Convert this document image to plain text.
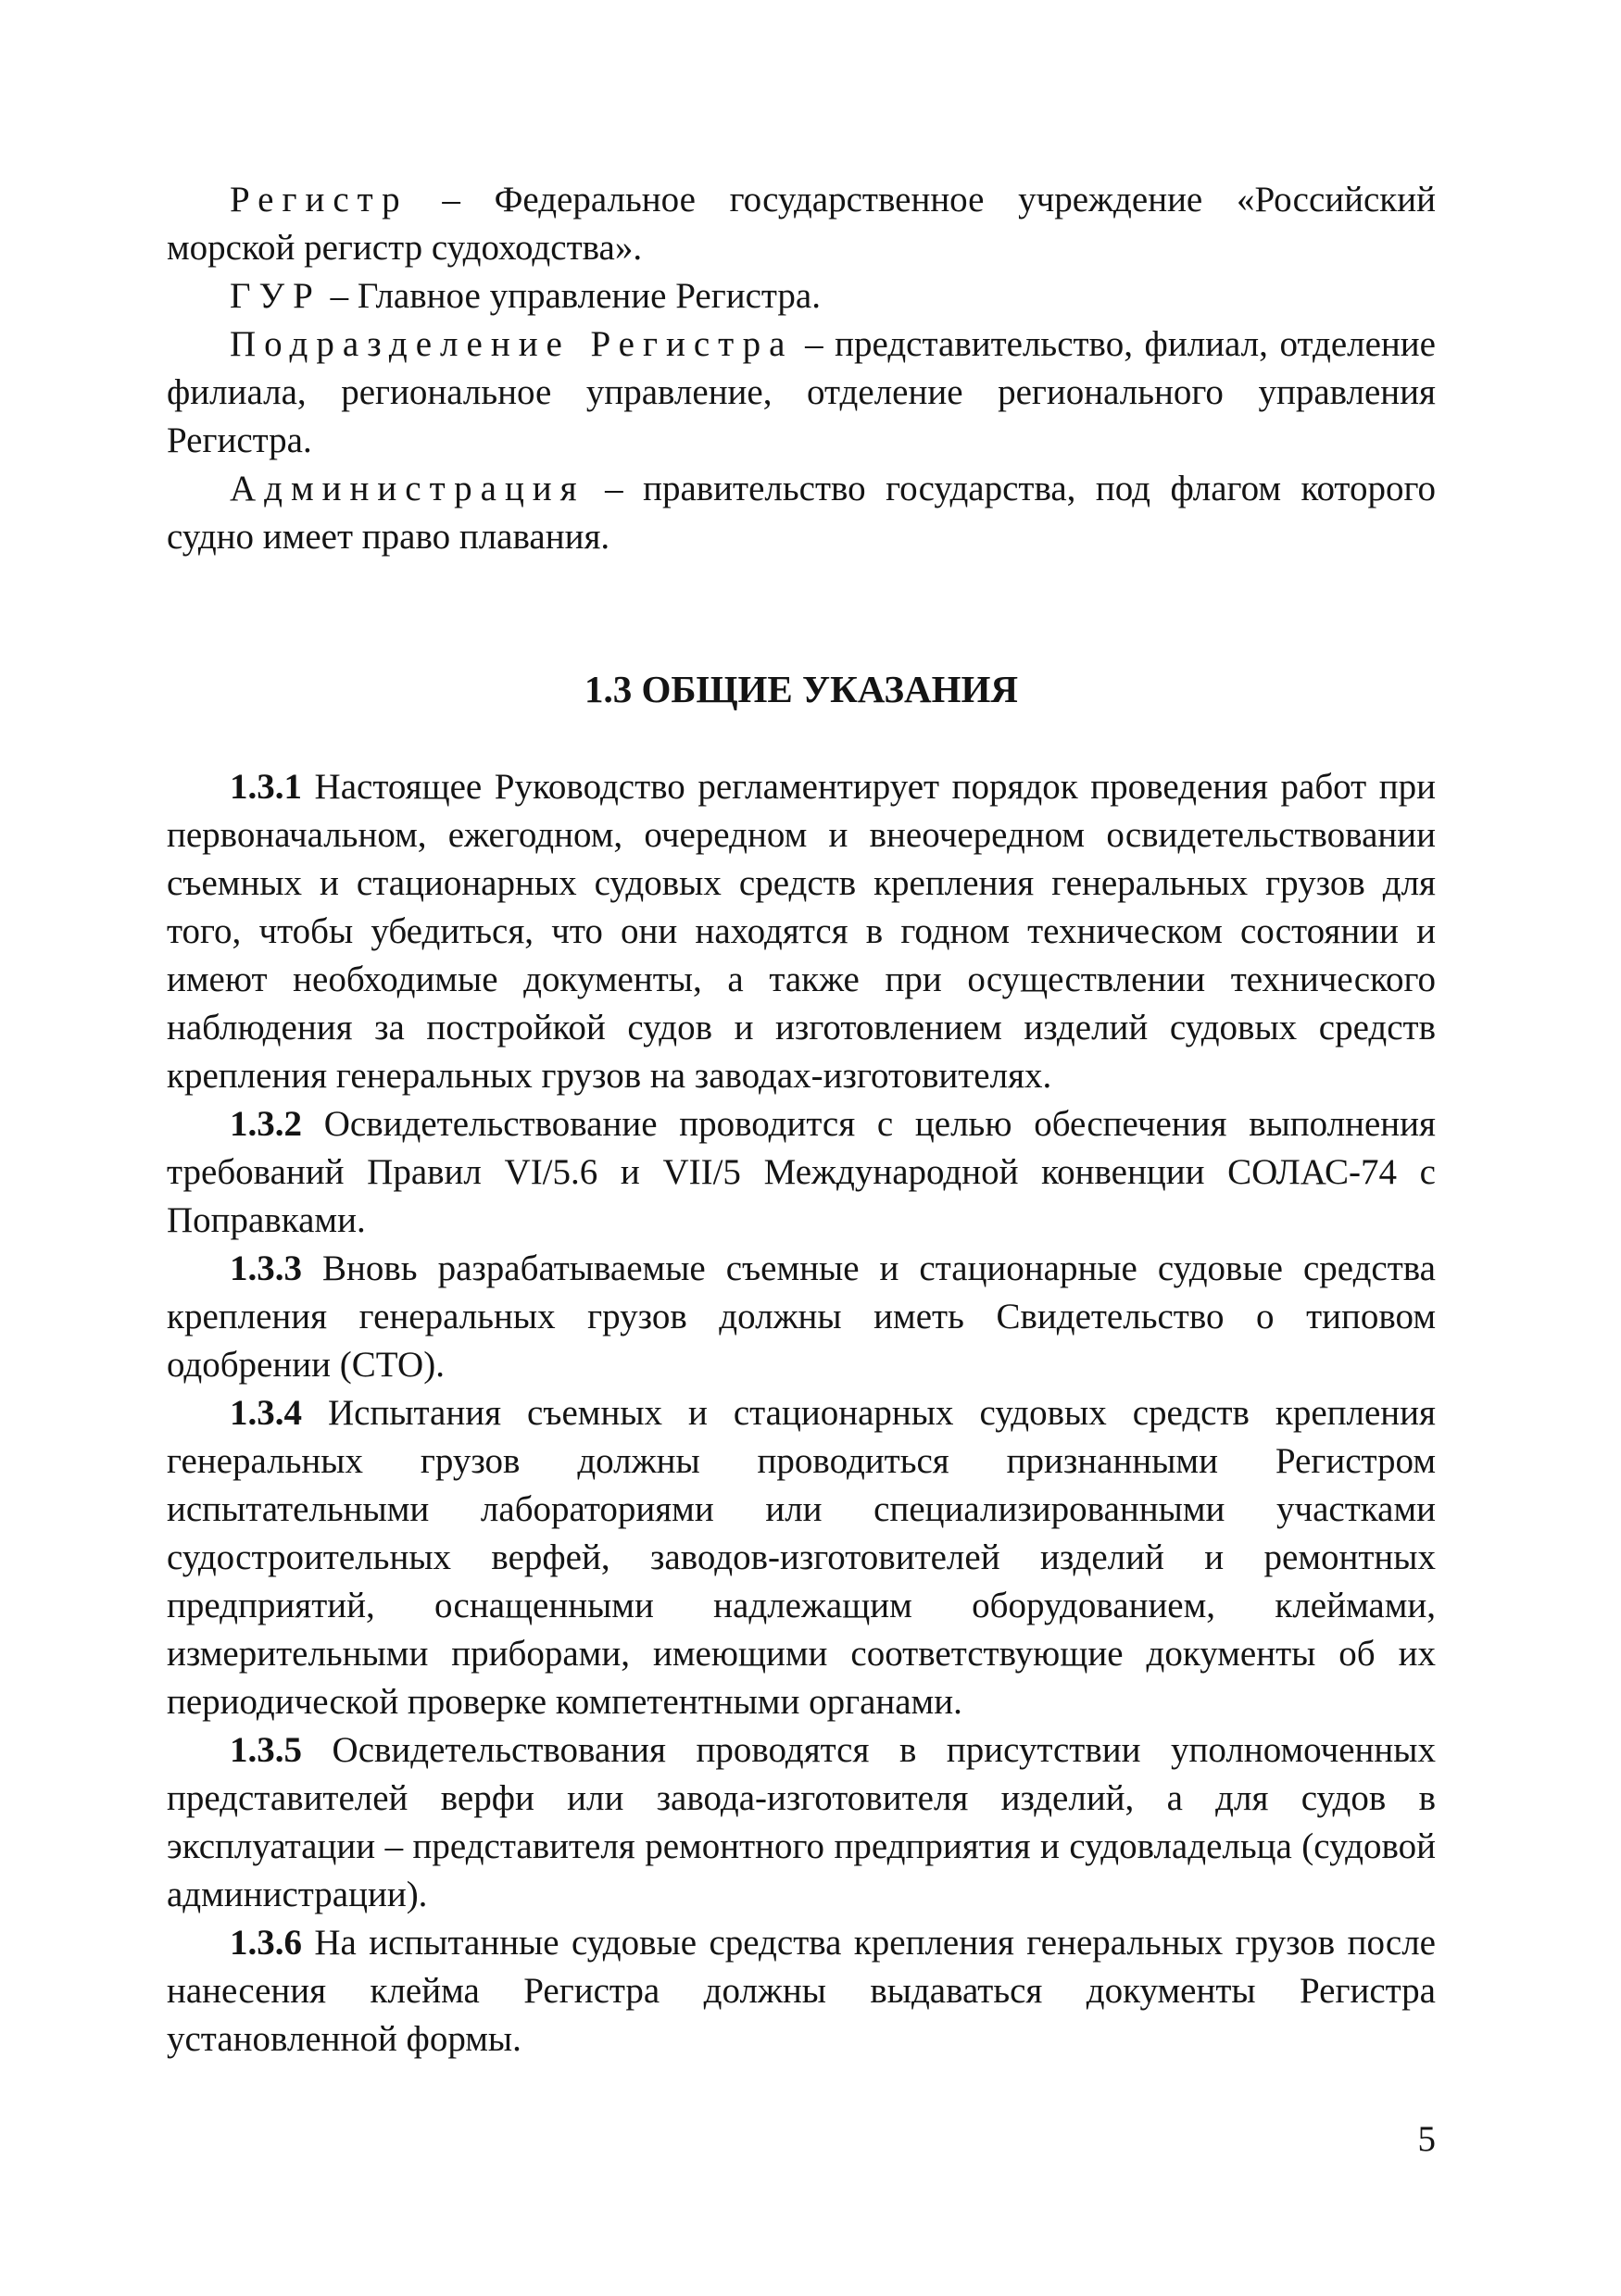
Регистр – Федеральное государственное учреждение «Российский морской регистр судоходства».

ГУР – Главное управление Регистра.

Подразделение Регистра – представительство, филиал, отделение филиала, региональное управление, отделение регионального управления Регистра.

Администрация – правительство государства, под флагом которого судно имеет право плавания.

1.3 ОБЩИЕ УКАЗАНИЯ

1.3.1 Настоящее Руководство регламентирует порядок проведения работ при первоначальном, ежегодном, очередном и внеочередном освидетельствовании съемных и стационарных судовых средств крепления генеральных грузов для того, чтобы убедиться, что они находятся в годном техническом состоянии и имеют необходимые документы, а также при осуществлении технического наблюдения за постройкой судов и изготовлением изделий судовых средств крепления генеральных грузов на заводах-изготовителях.

1.3.2 Освидетельствование проводится с целью обеспечения выполнения требований Правил VI/5.6 и VII/5 Международной конвенции СОЛАС-74 с Поправками.

1.3.3 Вновь разрабатываемые съемные и стационарные судовые средства крепления генеральных грузов должны иметь Свидетельство о типовом одобрении (СТО).

1.3.4 Испытания съемных и стационарных судовых средств крепления генеральных грузов должны проводиться признанными Регистром испытательными лабораториями или специализированными участками судостроительных верфей, заводов-изготовителей изделий и ремонтных предприятий, оснащенными надлежащим оборудованием, клеймами, измерительными приборами, имеющими соответствующие документы об их периодической проверке компетентными органами.

1.3.5 Освидетельствования проводятся в присутствии уполномоченных представителей верфи или завода-изготовителя изделий, а для судов в эксплуатации – представителя ремонтного предприятия и судовладельца (судовой администрации).

1.3.6 На испытанные судовые средства крепления генеральных грузов после нанесения клейма Регистра должны выдаваться документы Регистра установленной формы.

5
